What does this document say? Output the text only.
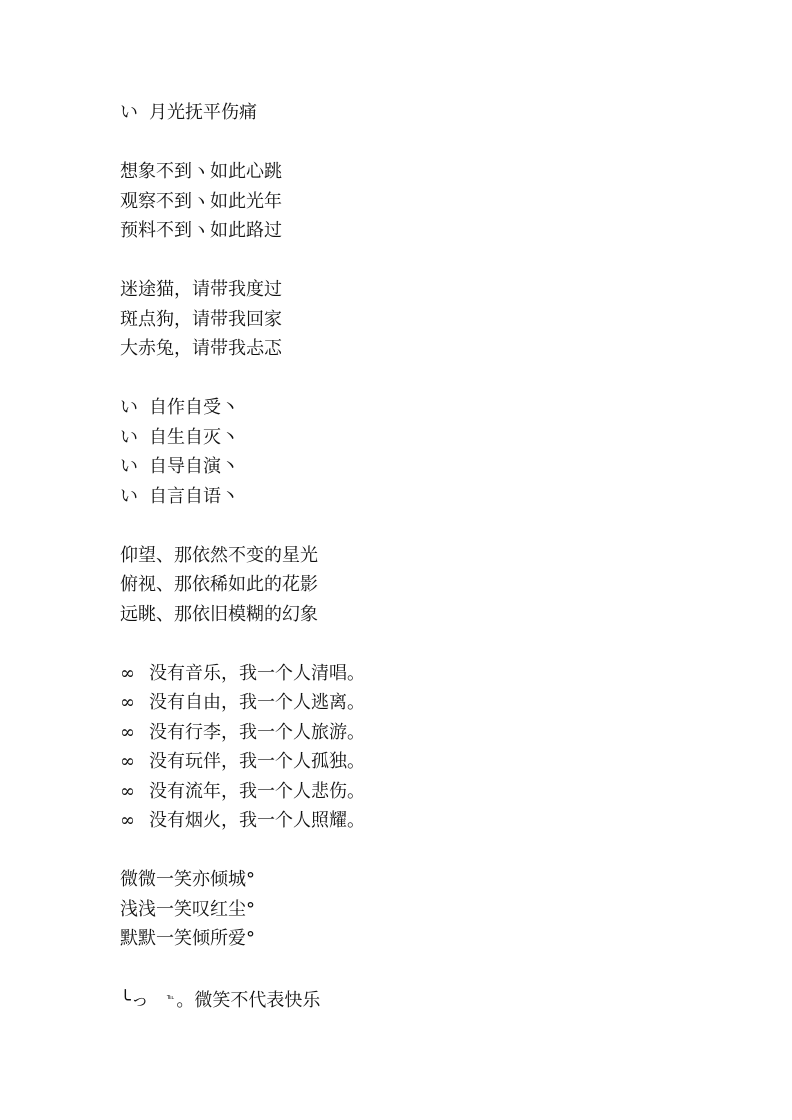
い 月光抚平伤痛
想象不到ヽ如此心跳
观察不到ヽ如此光年
预料不到ヽ如此路过
迷途猫，请带我度过
斑点狗，请带我回家
大赤兔，请带我忐忑
い 自作自受丶
い 自生自灭丶
い 自导自演丶
い 自言自语丶
仰望、那依然不变的星光
俯视、那依稀如此的花影
远眺、那依旧模糊的幻象
∞ 没有音乐，我一个人清唱。
∞ 没有自由，我一个人逃离。
∞ 没有行李，我一个人旅游。
∞ 没有玩伴，我一个人孤独。
∞ 没有流年，我一个人悲伤。
∞ 没有烟火，我一个人照耀。
微微一笑亦倾城°
浅浅一笑叹红尘°
默默一笑倾所爱°
╰っ	℡ 。微笑不代表快乐
